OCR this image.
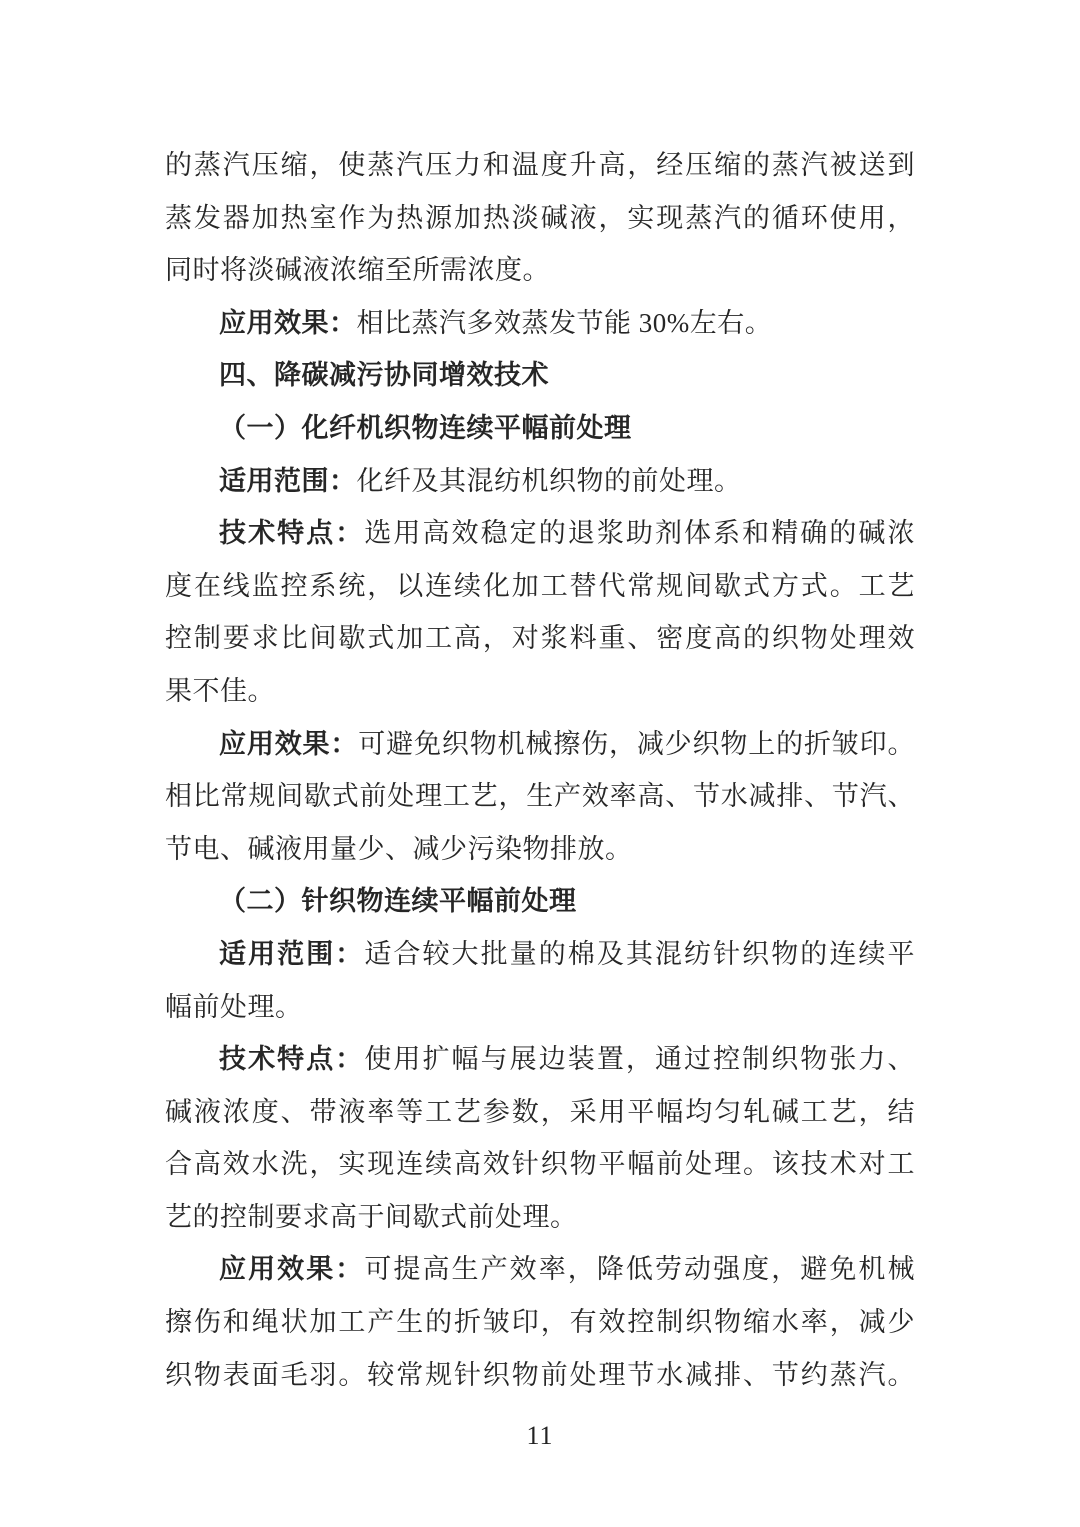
的蒸汽压缩，使蒸汽压力和温度升高，经压缩的蒸汽被送到
蒸发器加热室作为热源加热淡碱液，实现蒸汽的循环使用，
同时将淡碱液浓缩至所需浓度。
应用效果：相比蒸汽多效蒸发节能 30%左右。
四、降碳减污协同增效技术
（一）化纤机织物连续平幅前处理
适用范围：化纤及其混纺机织物的前处理。
技术特点：选用高效稳定的退浆助剂体系和精确的碱浓
度在线监控系统，以连续化加工替代常规间歇式方式。工艺
控制要求比间歇式加工高，对浆料重、密度高的织物处理效
果不佳。
应用效果：可避免织物机械擦伤，减少织物上的折皱印。
相比常规间歇式前处理工艺，生产效率高、节水减排、节汽、
节电、碱液用量少、减少污染物排放。
（二）针织物连续平幅前处理
适用范围：适合较大批量的棉及其混纺针织物的连续平
幅前处理。
技术特点：使用扩幅与展边装置，通过控制织物张力、
碱液浓度、带液率等工艺参数，采用平幅均匀轧碱工艺，结
合高效水洗，实现连续高效针织物平幅前处理。该技术对工
艺的控制要求高于间歇式前处理。
应用效果：可提高生产效率，降低劳动强度，避免机械
擦伤和绳状加工产生的折皱印，有效控制织物缩水率，减少
织物表面毛羽。较常规针织物前处理节水减排、节约蒸汽。
11
